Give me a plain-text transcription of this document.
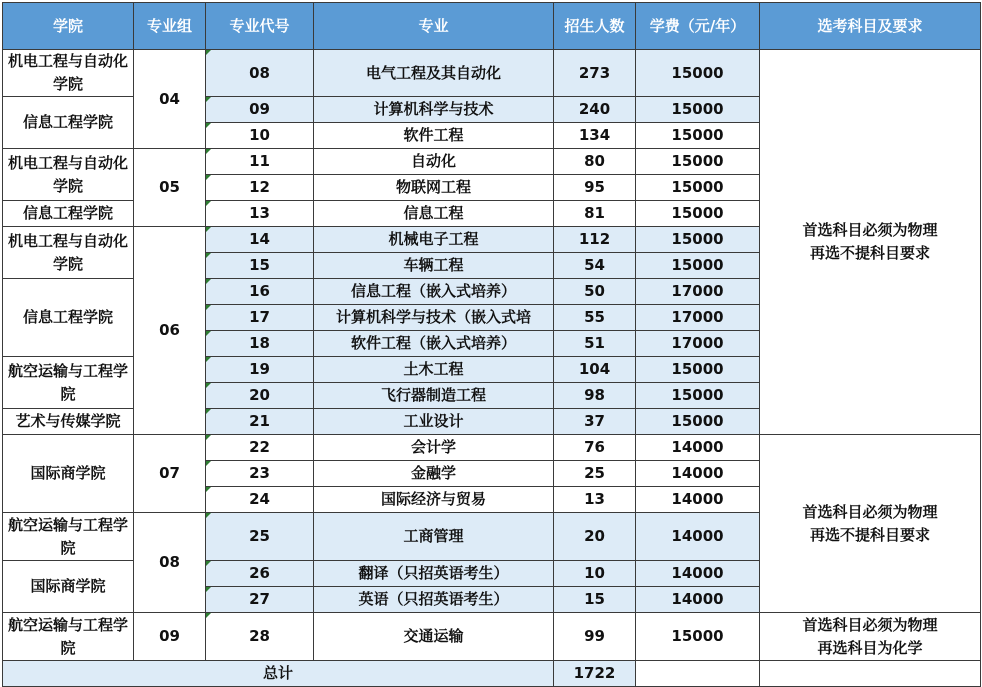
学院	专业组	专业代号	专业	招生人数	学费（元/年）	选考科目及要求
机电工程与自动化学院	04	08	电气工程及其自动化	273	15000	首选科目必须为物理
再选不提科目要求
信息工程学院		09	计算机科学与技术	240	15000	
		10	软件工程	134	15000	
机电工程与自动化学院	05	11	自动化	80	15000	
		12	物联网工程	95	15000	
信息工程学院		13	信息工程	81	15000	
机电工程与自动化学院	06	14	机械电子工程	112	15000	
		15	车辆工程	54	15000	
信息工程学院		16	信息工程（嵌入式培养）	50	17000	
		17	计算机科学与技术（嵌入式培	55	17000	
		18	软件工程（嵌入式培养）	51	17000	
航空运输与工程学院		19	土木工程	104	15000	
		20	飞行器制造工程	98	15000	
艺术与传媒学院		21	工业设计	37	15000	
国际商学院	07	22	会计学	76	14000	首选科目必须为物理
再选不提科目要求
		23	金融学	25	14000	
		24	国际经济与贸易	13	14000	
航空运输与工程学院	08	25	工商管理	20	14000	
国际商学院		26	翻译（只招英语考生）	10	14000	
		27	英语（只招英语考生）	15	14000	
航空运输与工程学院	09	28	交通运输	99	15000	首选科目必须为物理
再选科目为化学
总计				1722		
